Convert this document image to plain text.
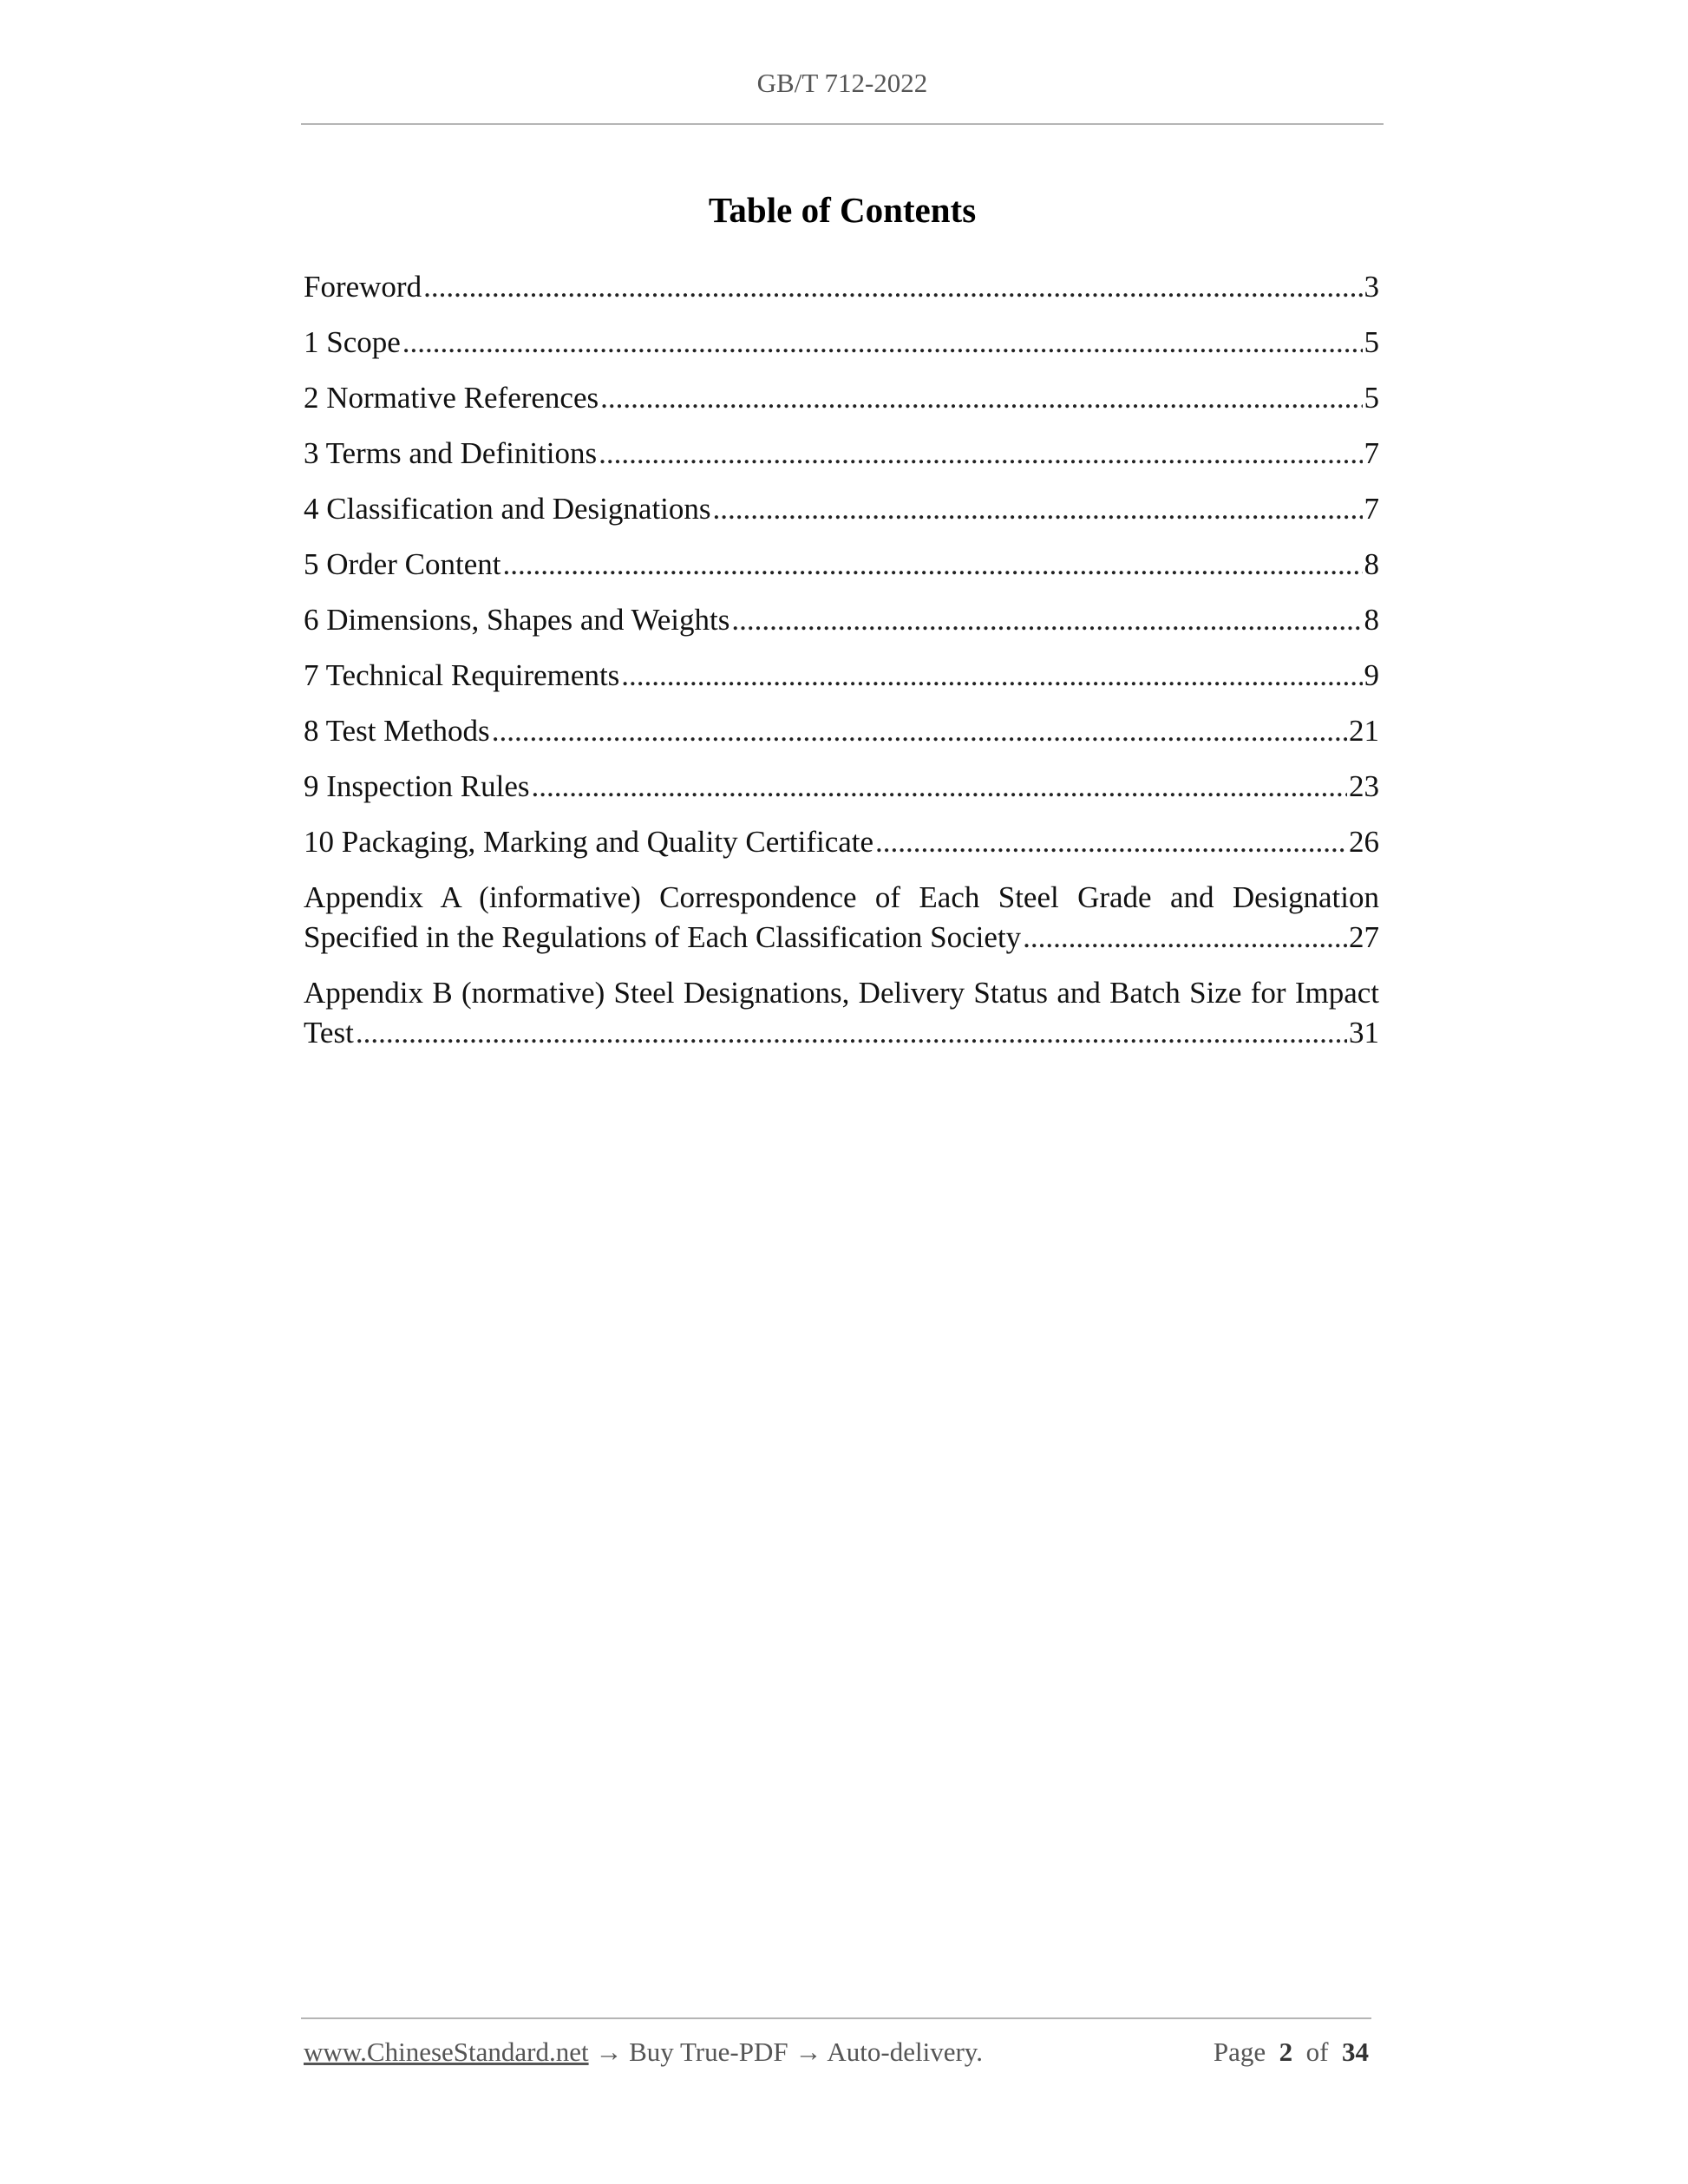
GB/T 712-2022
Table of Contents
Foreword .....	3
1 Scope .....	5
2 Normative References .....	5
3 Terms and Definitions .....	7
4 Classification and Designations .....	7
5 Order Content .....	8
6 Dimensions, Shapes and Weights .....	8
7 Technical Requirements .....	9
8 Test Methods .....	21
9 Inspection Rules .....	23
10 Packaging, Marking and Quality Certificate .....	26
Appendix A (informative) Correspondence of Each Steel Grade and Designation
Specified in the Regulations of Each Classification Society .....	27
Appendix B (normative) Steel Designations, Delivery Status and Batch Size for Impact
Test .....	31
www.ChineseStandard.net → Buy True-PDF → Auto-delivery.	Page 2 of 34
